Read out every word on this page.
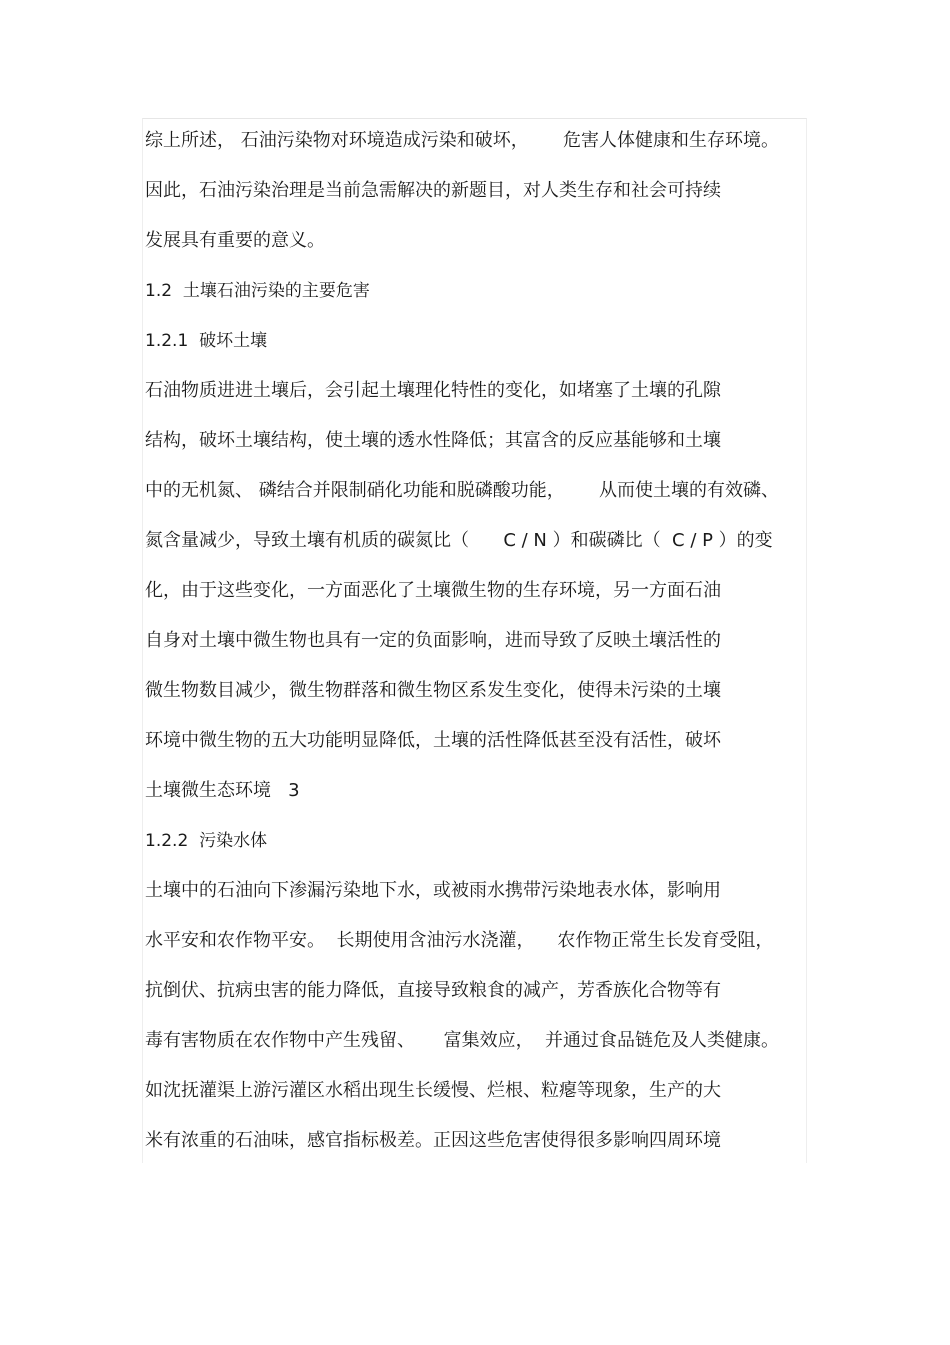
综上所述， 石油污染物对环境造成污染和破坏，      危害人体健康和生存环境。
因此，石油污染治理是当前急需解决的新题目，对人类生存和社会可持续
发展具有重要的意义。
1.2  土壤石油污染的主要危害
1.2.1  破坏土壤
石油物质进进土壤后，会引起土壤理化特性的变化，如堵塞了土壤的孔隙
结构，破坏土壤结构，使土壤的透水性降低；其富含的反应基能够和土壤
中的无机氮、 磷结合并限制硝化功能和脱磷酸功能，      从而使土壤的有效磷、
氮含量减少，导致土壤有机质的碳氮比（      C / N ）和碳磷比（  C / P ）的变
化，由于这些变化，一方面恶化了土壤微生物的生存环境，另一方面石油
自身对土壤中微生物也具有一定的负面影响，进而导致了反映土壤活性的
微生物数目减少，微生物群落和微生物区系发生变化，使得未污染的土壤
环境中微生物的五大功能明显降低，土壤的活性降低甚至没有活性，破坏
土壤微生态环境   3
1.2.2  污染水体
土壤中的石油向下渗漏污染地下水，或被雨水携带污染地表水体，影响用
水平安和农作物平安。  长期使用含油污水浇灌，    农作物正常生长发育受阻，
抗倒伏、抗病虫害的能力降低，直接导致粮食的减产，芳香族化合物等有
毒有害物质在农作物中产生残留、     富集效应，  并通过食品链危及人类健康。
如沈抚灌渠上游污灌区水稻出现生长缓慢、烂根、粒瘪等现象，生产的大
米有浓重的石油味，感官指标极差。正因这些危害使得很多影响四周环境
